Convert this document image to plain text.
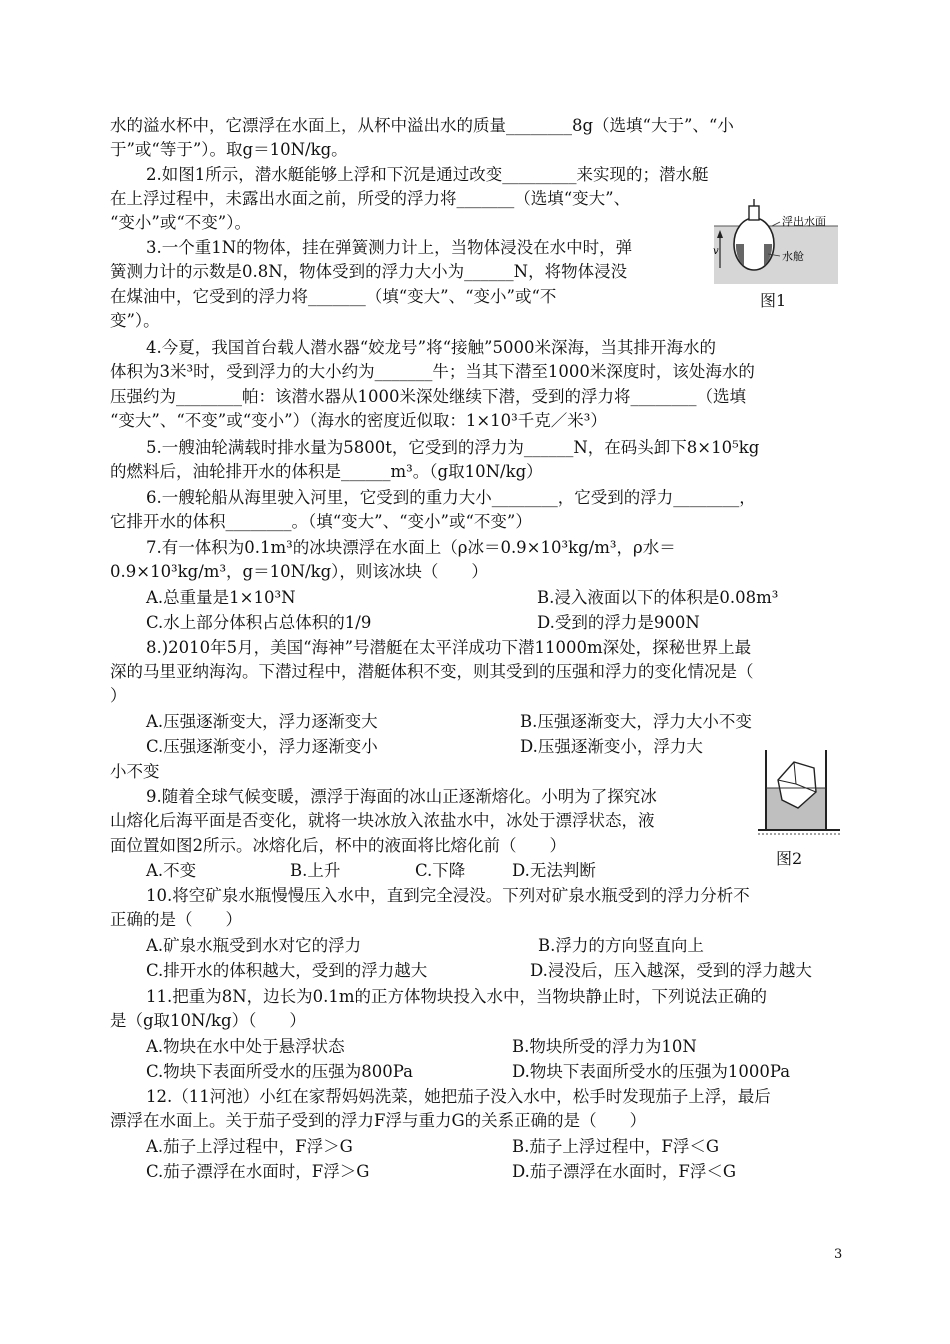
水的溢水杯中，它漂浮在水面上，从杯中溢出水的质量________8g（选填“大于”、“小
于”或“等于”）。取g＝10N/kg。
2.如图1所示，潜水艇能够上浮和下沉是通过改变_________来实现的；潜水艇
在上浮过程中，未露出水面之前，所受的浮力将_______（选填“变大”、
“变小”或“不变”）。
3.一个重1N的物体，挂在弹簧测力计上，当物体浸没在水中时，弹
簧测力计的示数是0.8N，物体受到的浮力大小为______N，将物体浸没
在煤油中，它受到的浮力将_______（填“变大”、“变小”或“不
变”）。
4.今夏，我国首台载人潜水器“姣龙号”将“接触”5000米深海，当其排开海水的
体积为3米³时，受到浮力的大小约为_______牛；当其下潜至1000米深度时，该处海水的
压强约为________帕：该潜水器从1000米深处继续下潜，受到的浮力将________（选填
“变大”、“不变”或“变小”）（海水的密度近似取：1×10³千克／米³）
5.一艘油轮满载时排水量为5800t，它受到的浮力为______N，在码头卸下8×10⁵kg
的燃料后，油轮排开水的体积是______m³。（g取10N/kg）
6.一艘轮船从海里驶入河里，它受到的重力大小________，它受到的浮力________，
它排开水的体积________。（填“变大”、“变小”或“不变”）
7.有一体积为0.1m³的冰块漂浮在水面上（ρ冰＝0.9×10³kg/m³，ρ水＝
0.9×10³kg/m³，g＝10N/kg），则该冰块（　　）
A.总重量是1×10³N	B.浸入液面以下的体积是0.08m³
C.水上部分体积占总体积的1/9	D.受到的浮力是900N
8.)2010年5月，美国“海神”号潜艇在太平洋成功下潜11000m深处，探秘世界上最
深的马里亚纳海沟。下潜过程中，潜艇体积不变，则其受到的压强和浮力的变化情况是（
）
A.压强逐渐变大，浮力逐渐变大	B.压强逐渐变大，浮力大小不变
C.压强逐渐变小，浮力逐渐变小	D.压强逐渐变小，浮力大
小不变
9.随着全球气候变暖，漂浮于海面的冰山正逐渐熔化。小明为了探究冰
山熔化后海平面是否变化，就将一块冰放入浓盐水中，冰处于漂浮状态，液
面位置如图2所示。冰熔化后，杯中的液面将比熔化前（　　）
A.不变	B.上升	C.下降	D.无法判断
10.将空矿泉水瓶慢慢压入水中，直到完全浸没。下列对矿泉水瓶受到的浮力分析不
正确的是（　　）
A.矿泉水瓶受到水对它的浮力	B.浮力的方向竖直向上
C.排开水的体积越大，受到的浮力越大	D.浸没后，压入越深，受到的浮力越大
11.把重为8N，边长为0.1m的正方体物块投入水中，当物块静止时，下列说法正确的
是（g取10N/kg）（　　）
A.物块在水中处于悬浮状态	B.物块所受的浮力为10N
C.物块下表面所受水的压强为800Pa	D.物块下表面所受水的压强为1000Pa
12.（11河池）小红在家帮妈妈洗菜，她把茄子没入水中，松手时发现茄子上浮，最后
漂浮在水面上。关于茄子受到的浮力F浮与重力G的关系正确的是（　　）
A.茄子上浮过程中，F浮＞G	B.茄子上浮过程中，F浮＜G
C.茄子漂浮在水面时，F浮＞G	D.茄子漂浮在水面时，F浮＜G
v
浮出水面
水舱
图1
图2
3
